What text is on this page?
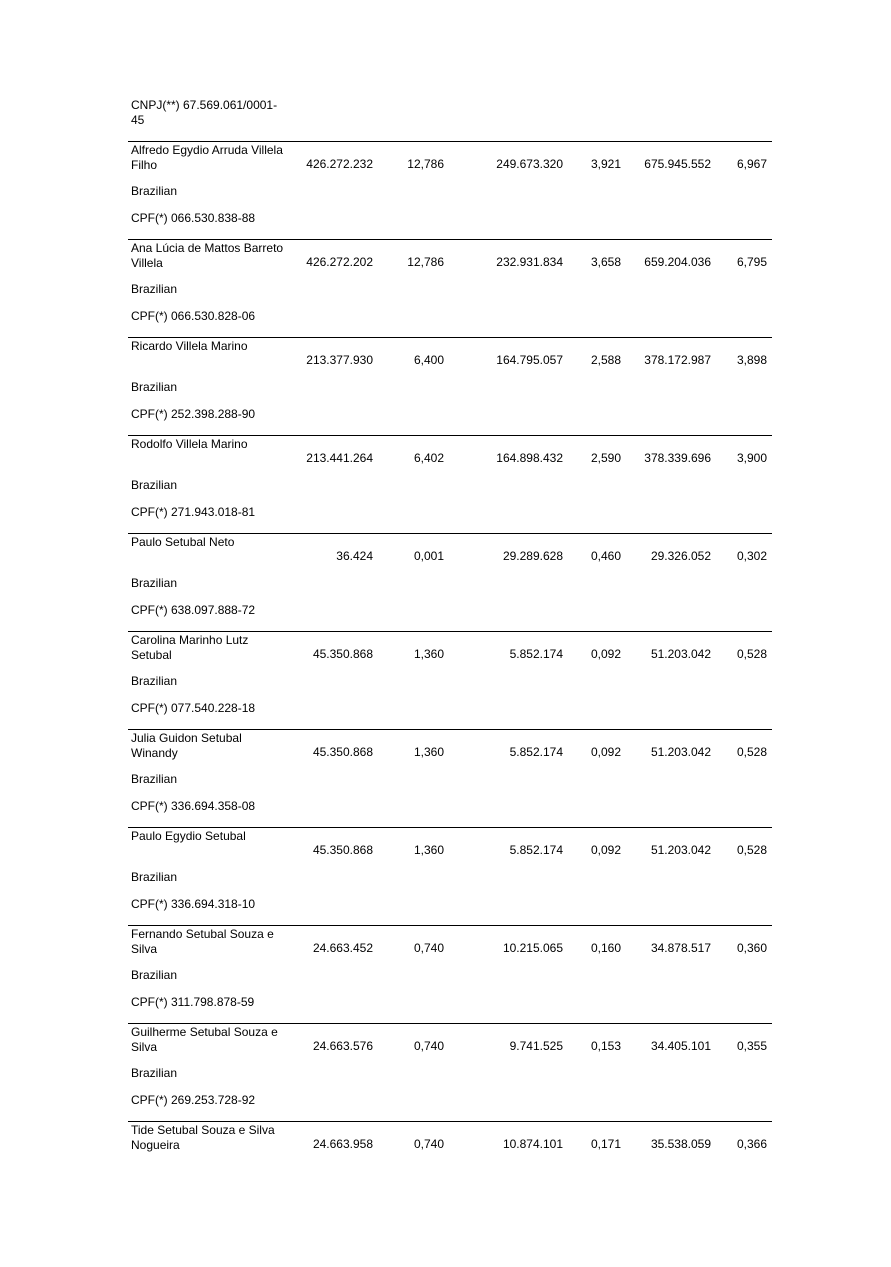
CNPJ(**) 67.569.061/0001-
45
Alfredo Egydio Arruda Villela Filho
Brazilian
CPF(*) 066.530.838-88
426.272.232	12,786	249.673.320 3,921 675.945.552 6,967
Ana Lúcia de Mattos Barreto Villela
Brazilian
CPF(*) 066.530.828-06
426.272.202	12,786	232.931.834 3,658 659.204.036 6,795
Ricardo Villela Marino
Brazilian
CPF(*) 252.398.288-90
213.377.930	6,400	164.795.057 2,588 378.172.987 3,898
Rodolfo Villela Marino
Brazilian
CPF(*) 271.943.018-81
213.441.264	6,402	164.898.432 2,590 378.339.696 3,900
Paulo Setubal Neto
Brazilian
CPF(*) 638.097.888-72
36.424	0,001	29.289.628 0,460 29.326.052 0,302
Carolina Marinho Lutz Setubal
Brazilian
CPF(*) 077.540.228-18
45.350.868	1,360	5.852.174 0,092 51.203.042 0,528
Julia Guidon Setubal Winandy
Brazilian
CPF(*) 336.694.358-08
45.350.868	1,360	5.852.174 0,092 51.203.042 0,528
Paulo Egydio Setubal
Brazilian
CPF(*) 336.694.318-10
45.350.868	1,360	5.852.174 0,092 51.203.042 0,528
Fernando Setubal Souza e Silva
Brazilian
CPF(*) 311.798.878-59
24.663.452	0,740	10.215.065 0,160 34.878.517 0,360
Guilherme Setubal Souza e Silva
Brazilian
CPF(*) 269.253.728-92
24.663.576	0,740	9.741.525 0,153 34.405.101 0,355
Tide Setubal Souza e Silva Nogueira	24.663.958	0,740	10.874.101 0,171 35.538.059 0,366
